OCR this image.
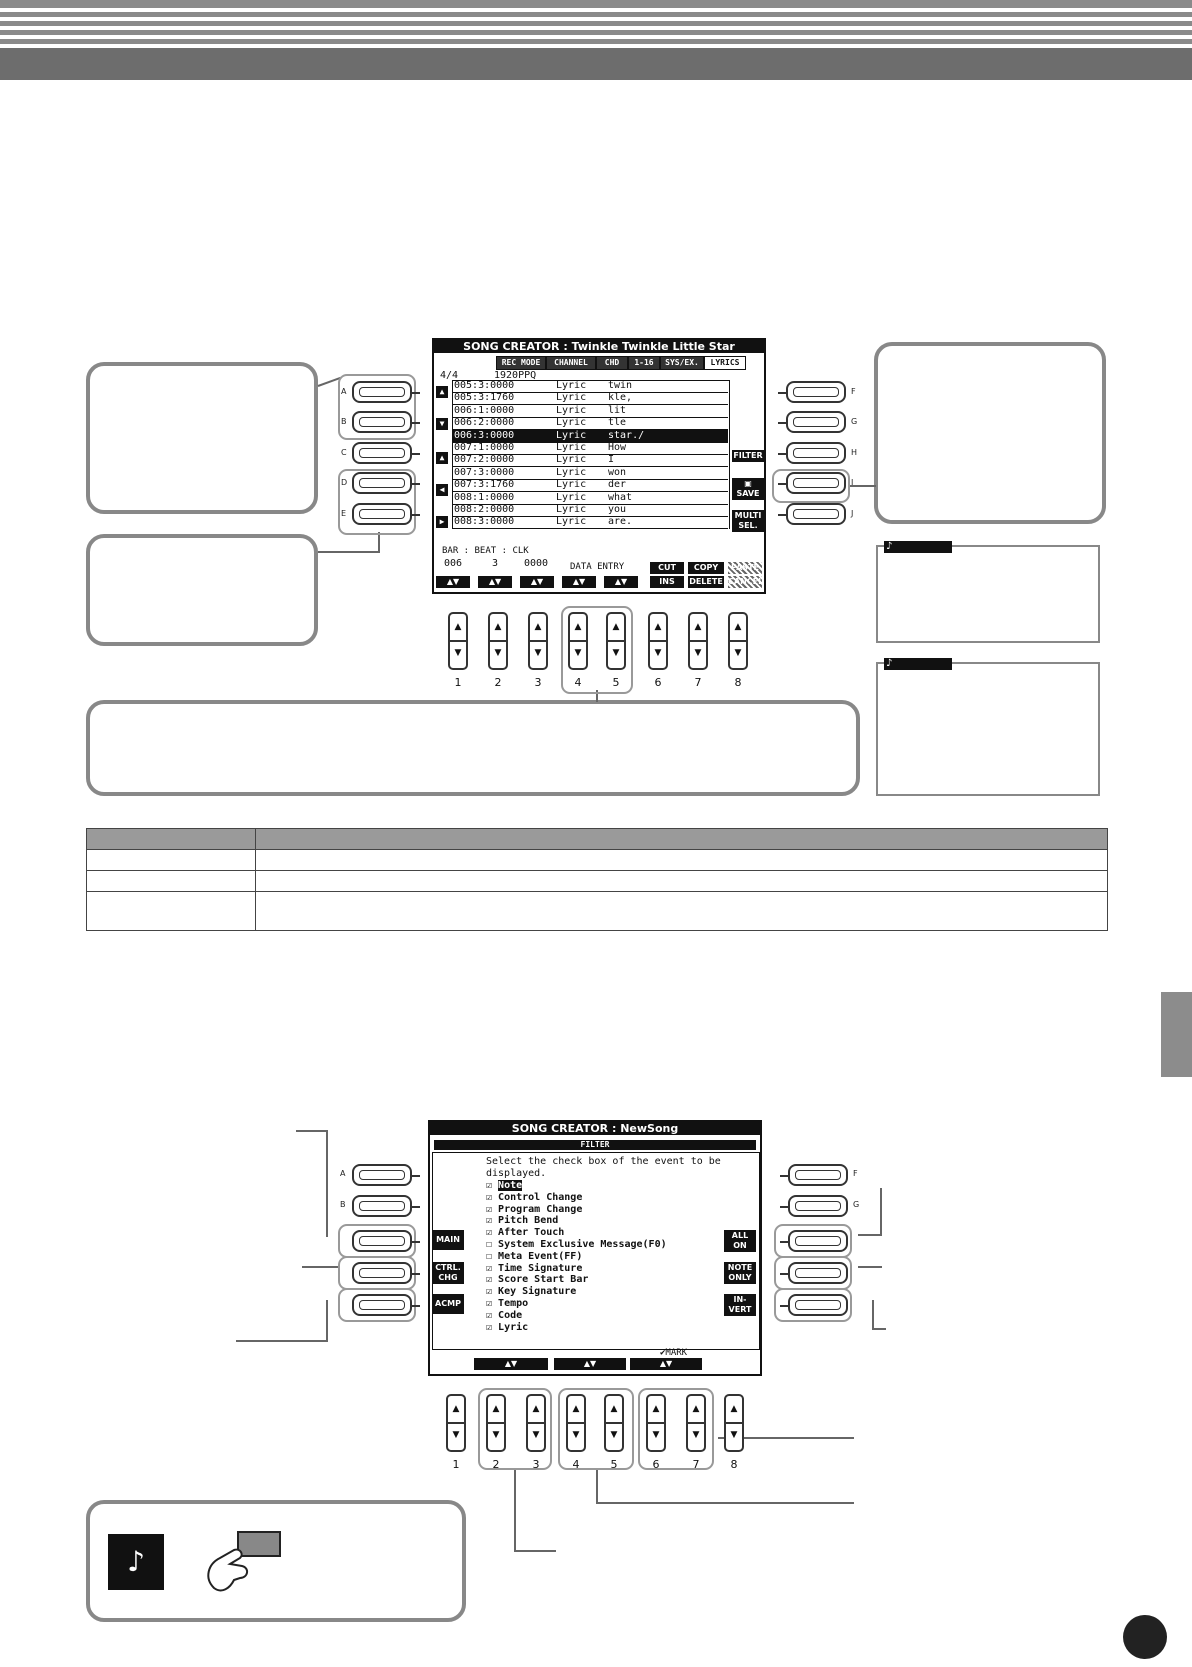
♪
♪
A
B
C
D
E
F
G
H
I
J
SONG CREATOR : Twinkle Twinkle Little Star
REC MODE	CHANNEL	CHD	1-16	SYS/EX.	LYRICS
4/4	1920PPQ
005:3:0000	Lyric twin
005:3:1760	Lyric kle,
006:1:0000	Lyric lit
006:2:0000	Lyric tle
006:3:0000	Lyric star./
007:1:0000	Lyric How
007:2:0000	Lyric I
007:3:0000	Lyric won
007:3:1760	Lyric der
008:1:0000	Lyric what
008:2:0000	Lyric you
008:3:0000	Lyric are.
▲
▼
▲
◀
▶
FILTER
▣
SAVE
MULTI
SEL.
BAR : BEAT : CLK
006	3	0000 DATA ENTRY	CUT
INS
COPY
DELETE
PASTE
CANCEL
▲▼	▲▼	▲▼	▲▼	▲▼
▲

▼
▲

▼
▲

▼
▲

▼
▲

▼
▲

▼
▲

▼
▲

▼
1	2	3	4	5	6	7	8

A
B
F
G
SONG CREATOR : NewSong
FILTER
Select the check box of the event to be
displayed.
☑ Note
☑ Control Change
☑ Program Change
☑ Pitch Bend
☑ After Touch
☐ System Exclusive Message(F0)
☐ Meta Event(FF)
☑ Time Signature
☑ Score Start Bar
☑ Key Signature
☑ Tempo
☑ Code
☑ Lyric
MAIN
CTRL.
CHG
ACMP
ALL
ON
NOTE
ONLY
IN-
VERT
✔MARK
▲▼	▲▼	▲▼
▲

▼
▲

▼
▲

▼
▲

▼
▲

▼
▲

▼
▲

▼
▲

▼
1	2	3	4	5	6	7	8
♪
